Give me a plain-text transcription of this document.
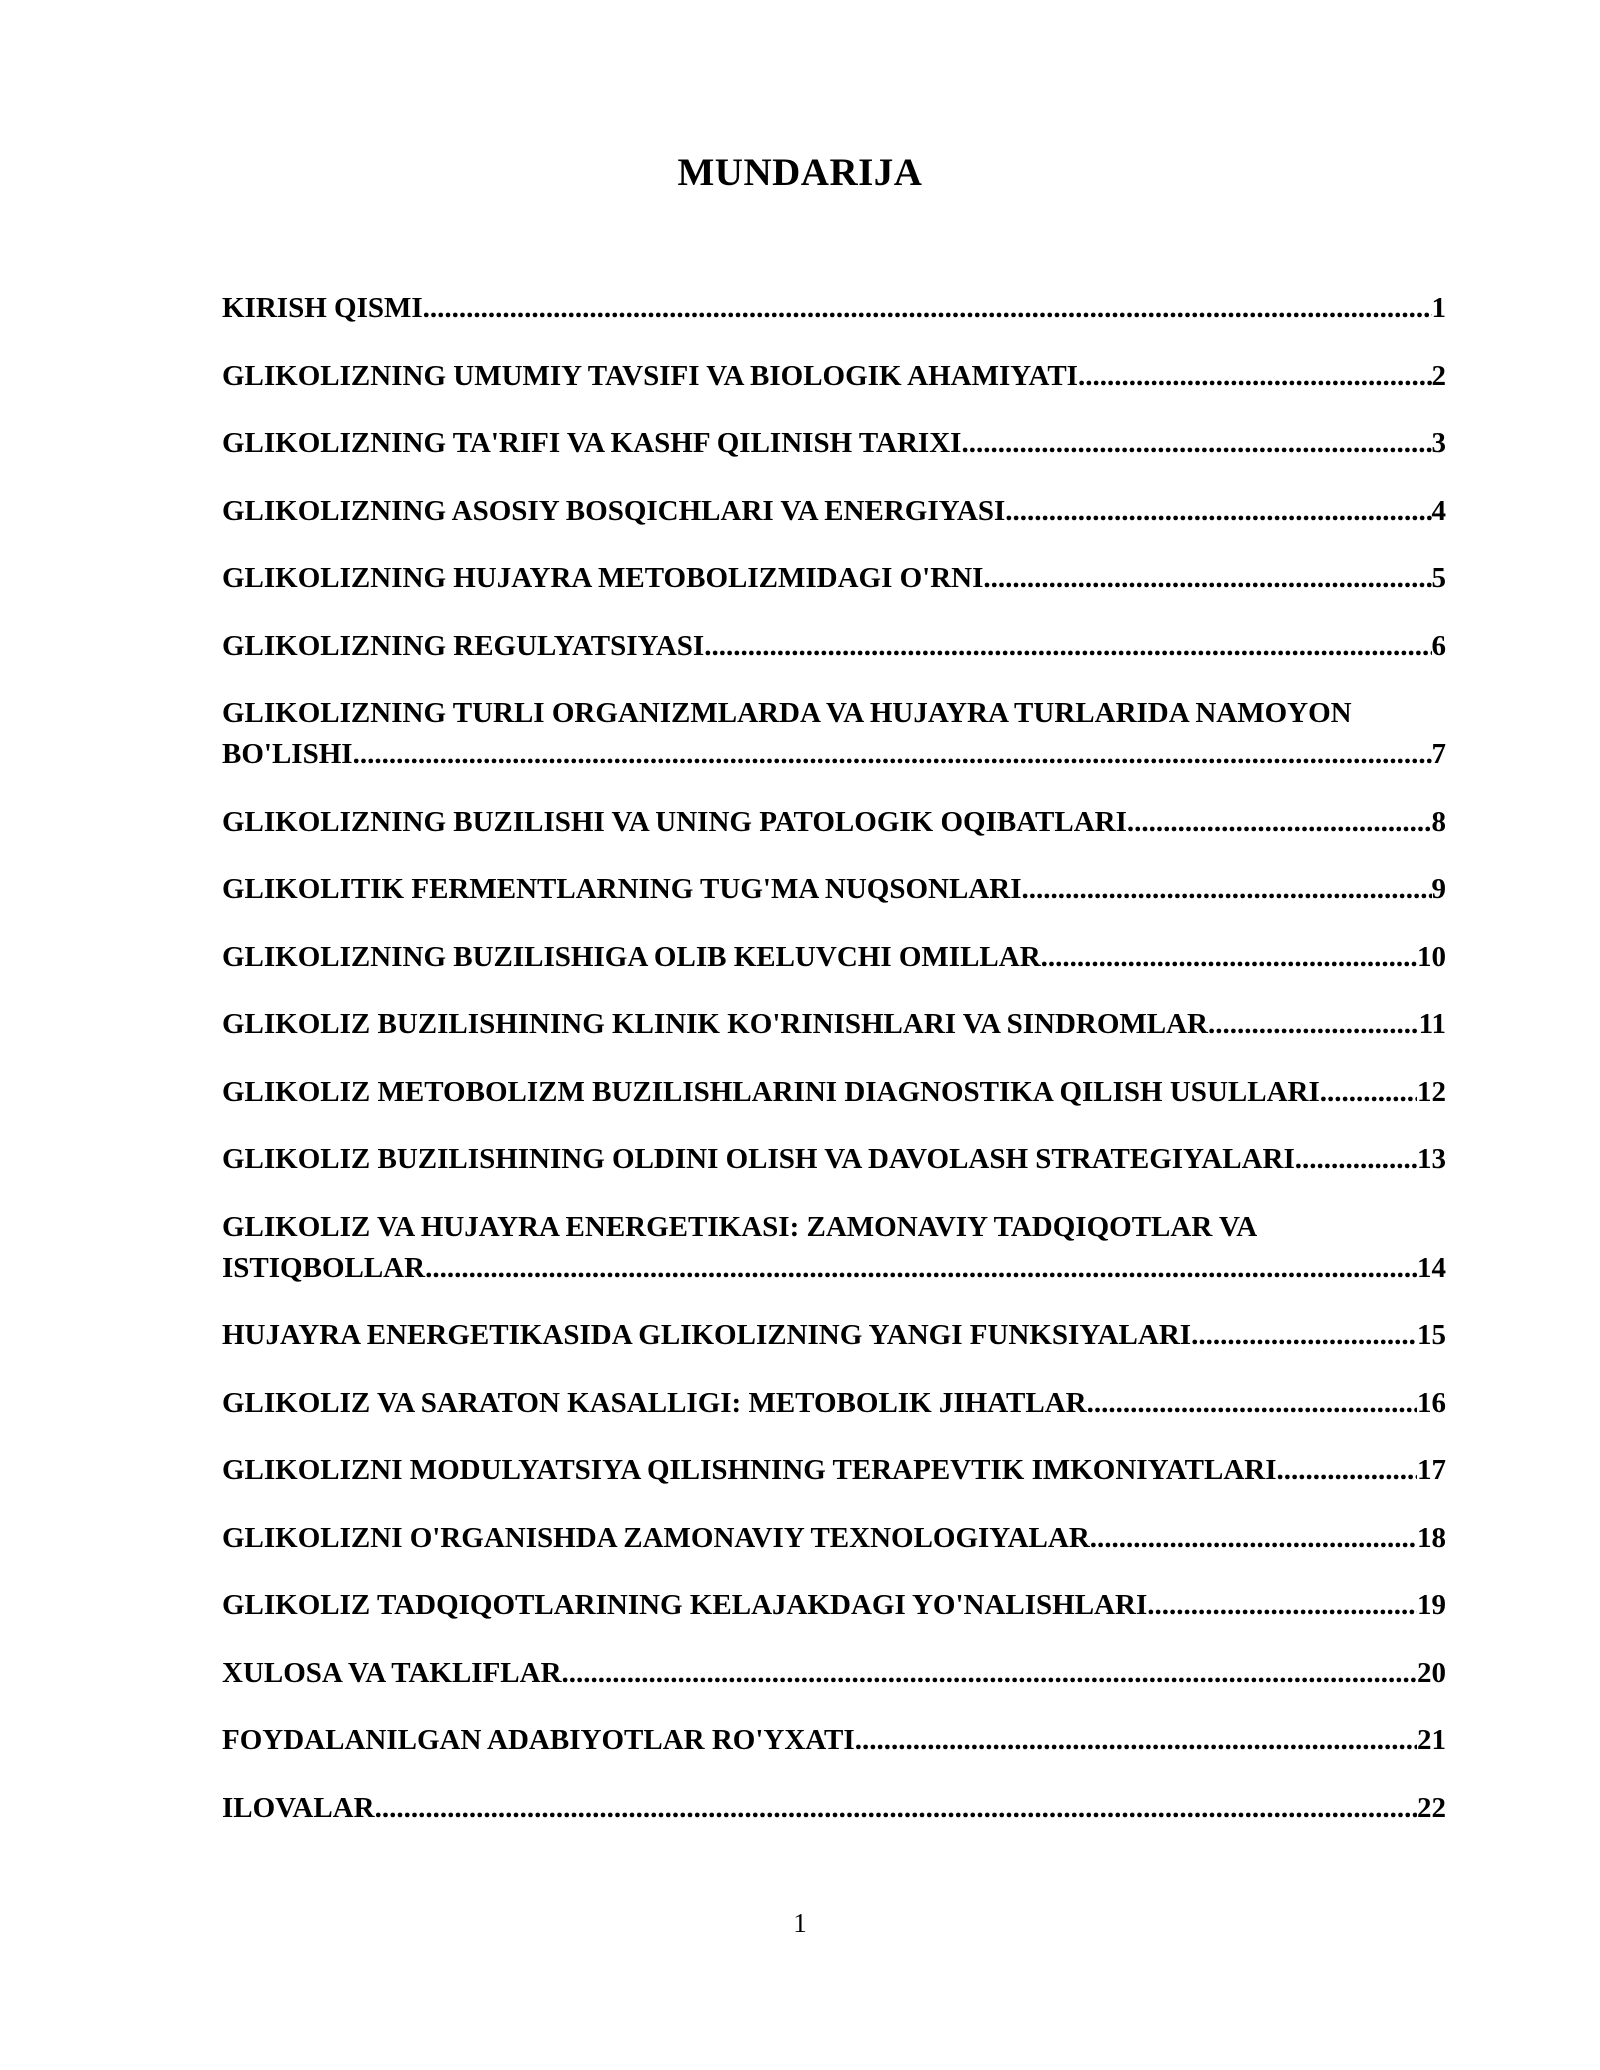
MUNDARIJA
KIRISH QISMI .....	1
GLIKOLIZNING UMUMIY TAVSIFI VA BIOLOGIK AHAMIYATI .....	2
GLIKOLIZNING TA'RIFI VA KASHF QILINISH TARIXI .....	3
GLIKOLIZNING ASOSIY BOSQICHLARI VA ENERGIYASI .....	4
GLIKOLIZNING HUJAYRA METOBOLIZMIDAGI O'RNI .....	5
GLIKOLIZNING REGULYATSIYASI .....	6
GLIKOLIZNING TURLI ORGANIZMLARDA VA HUJAYRA TURLARIDA NAMOYON
BO'LISHI .....	7
GLIKOLIZNING BUZILISHI VA UNING PATOLOGIK OQIBATLARI .....	8
GLIKOLITIK FERMENTLARNING TUG'MA NUQSONLARI .....	9
GLIKOLIZNING BUZILISHIGA OLIB KELUVCHI OMILLAR .....	10
GLIKOLIZ BUZILISHINING KLINIK KO'RINISHLARI VA SINDROMLAR .....	11
GLIKOLIZ METOBOLIZM BUZILISHLARINI DIAGNOSTIKA QILISH USULLARI .....	12
GLIKOLIZ BUZILISHINING OLDINI OLISH VA DAVOLASH STRATEGIYALARI. .....	13
GLIKOLIZ VA HUJAYRA ENERGETIKASI: ZAMONAVIY TADQIQOTLAR VA
ISTIQBOLLAR .....	14
HUJAYRA ENERGETIKASIDA GLIKOLIZNING YANGI FUNKSIYALARI .....	15
GLIKOLIZ VA SARATON KASALLIGI: METOBOLIK JIHATLAR .....	16
GLIKOLIZNI MODULYATSIYA QILISHNING TERAPEVTIK IMKONIYATLARI .....	17
GLIKOLIZNI O'RGANISHDA ZAMONAVIY TEXNOLOGIYALAR .....	18
GLIKOLIZ TADQIQOTLARINING KELAJAKDAGI YO'NALISHLARI .....	19
XULOSA VA TAKLIFLAR .....	20
FOYDALANILGAN ADABIYOTLAR RO'YXATI .....	21
ILOVALAR .....	22
1
